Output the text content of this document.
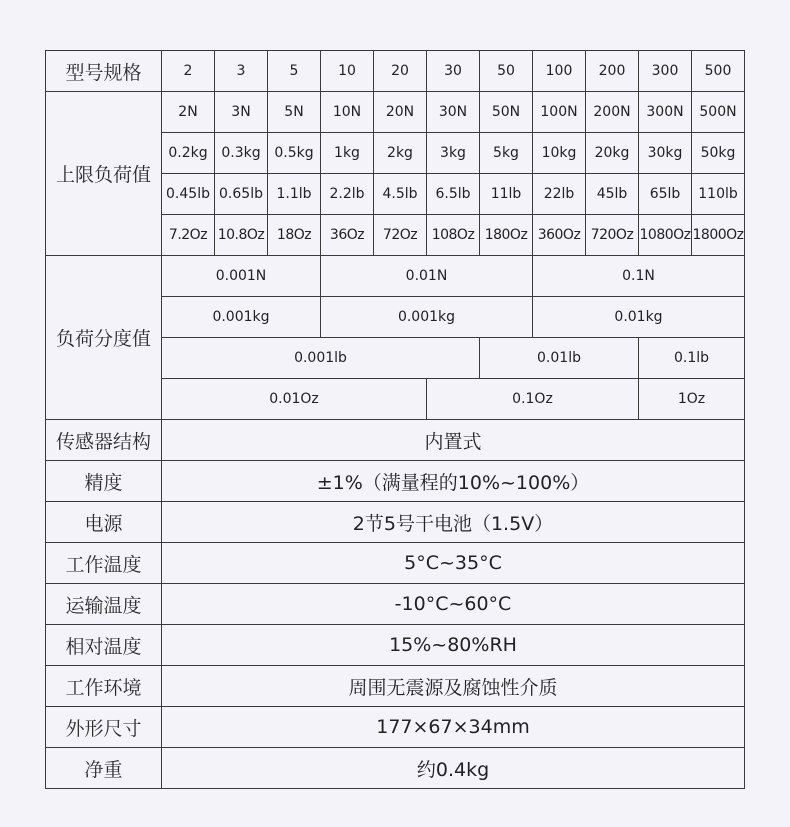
型号规格	2	3	5	10	20	30	50	100	200	300	500
上限负荷值	2N	3N	5N	10N	20N	30N	50N	100N	200N	300N	500N
	0.2kg	0.3kg	0.5kg	1kg	2kg	3kg	5kg	10kg	20kg	30kg	50kg
	0.45lb	0.65lb	1.1lb	2.2lb	4.5lb	6.5lb	11lb	22lb	45lb	65lb	110lb
	7.2Oz	10.8Oz	18Oz	36Oz	72Oz	108Oz	180Oz	360Oz	720Oz	1080Oz	1800Oz
负荷分度值	0.001N			0.01N				0.1N			
	0.001kg			0.001kg				0.01kg			
	0.001lb						0.01lb			0.1lb	
	0.01Oz					0.1Oz				1Oz	
传感器结构	内置式										
精度	±1%（满量程的10%~100%）										
电源	2节5号干电池（1.5V）										
工作温度	5°C~35°C										
运输温度	-10°C~60°C										
相对温度	15%~80%RH										
工作环境	周围无震源及腐蚀性介质										
外形尺寸	177×67×34mm										
净重	约0.4kg										
